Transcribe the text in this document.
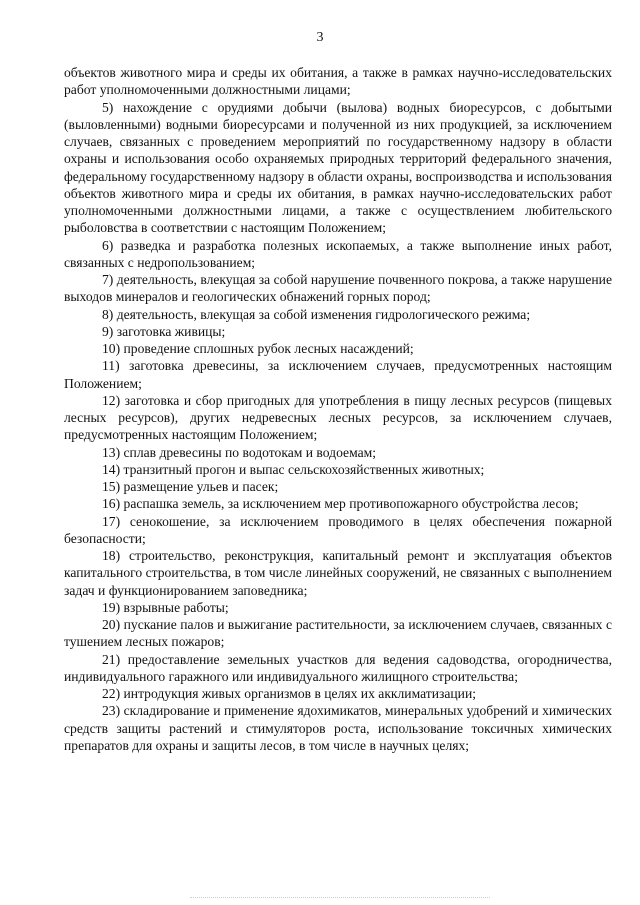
3

объектов животного мира и среды их обитания, а также в рамках научно-исследовательских работ уполномоченными должностными лицами;

5) нахождение с орудиями добычи (вылова) водных биоресурсов, с добытыми (выловленными) водными биоресурсами и полученной из них продукцией, за исключением случаев, связанных с проведением мероприятий по государственному надзору в области охраны и использования особо охраняемых природных территорий федерального значения, федеральному государственному надзору в области охраны, воспроизводства и использования объектов животного мира и среды их обитания, в рамках научно-исследовательских работ уполномоченными должностными лицами, а также с осуществлением любительского рыболовства в соответствии с настоящим Положением;

6) разведка и разработка полезных ископаемых, а также выполнение иных работ, связанных с недропользованием;

7) деятельность, влекущая за собой нарушение почвенного покрова, а также нарушение выходов минералов и геологических обнажений горных пород;

8) деятельность, влекущая за собой изменения гидрологического режима;

9) заготовка живицы;

10) проведение сплошных рубок лесных насаждений;

11) заготовка древесины, за исключением случаев, предусмотренных настоящим Положением;

12) заготовка и сбор пригодных для употребления в пищу лесных ресурсов (пищевых лесных ресурсов), других недревесных лесных ресурсов, за исключением случаев, предусмотренных настоящим Положением;

13) сплав древесины по водотокам и водоемам;

14) транзитный прогон и выпас сельскохозяйственных животных;

15) размещение ульев и пасек;

16) распашка земель, за исключением мер противопожарного обустройства лесов;

17) сенокошение, за исключением проводимого в целях обеспечения пожарной безопасности;

18) строительство, реконструкция, капитальный ремонт и эксплуатация объектов капитального строительства, в том числе линейных сооружений, не связанных с выполнением задач и функционированием заповедника;

19) взрывные работы;

20) пускание палов и выжигание растительности, за исключением случаев, связанных с тушением лесных пожаров;

21) предоставление земельных участков для ведения садоводства, огородничества, индивидуального гаражного или индивидуального жилищного строительства;

22) интродукция живых организмов в целях их акклиматизации;

23) складирование и применение ядохимикатов, минеральных удобрений и химических средств защиты растений и стимуляторов роста, использование токсичных химических препаратов для охраны и защиты лесов, в том числе в научных целях;
